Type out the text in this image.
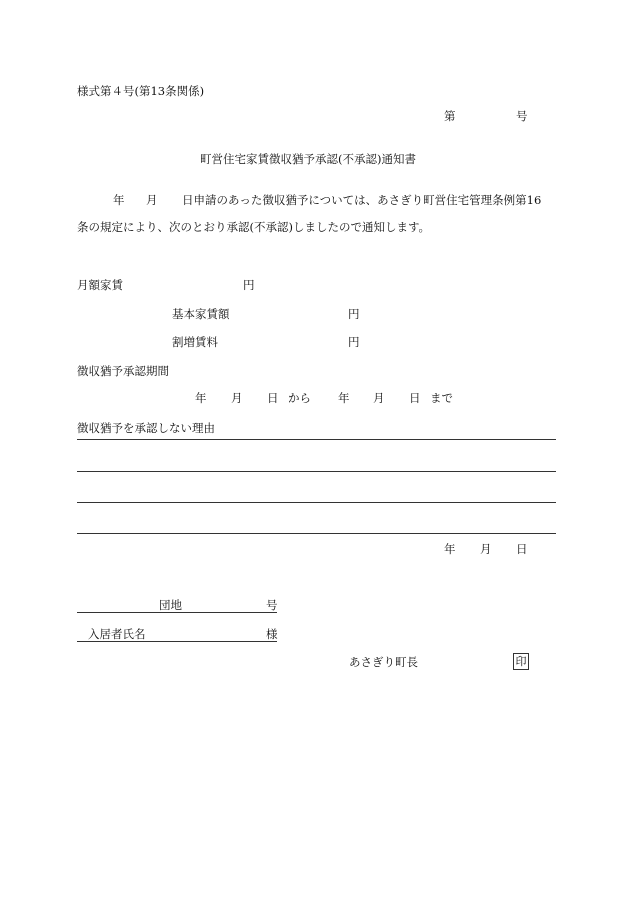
様式第４号(第13条関係)
第	号
町営住宅家賃徴収猶予承認(不承認)通知書
年 月 日申請のあった徴収猶予については、あさぎり町営住宅管理条例第16
条の規定により、次のとおり承認(不承認)しましたので通知します。
月額家賃	円
基本家賃額	円
割増賃料	円
徴収猶予承認期間
年 月 日 から 年 月 日 まで
徴収猶予を承認しない理由
年 月 日
団地	号
入居者氏名	様
あさぎり町長	印
